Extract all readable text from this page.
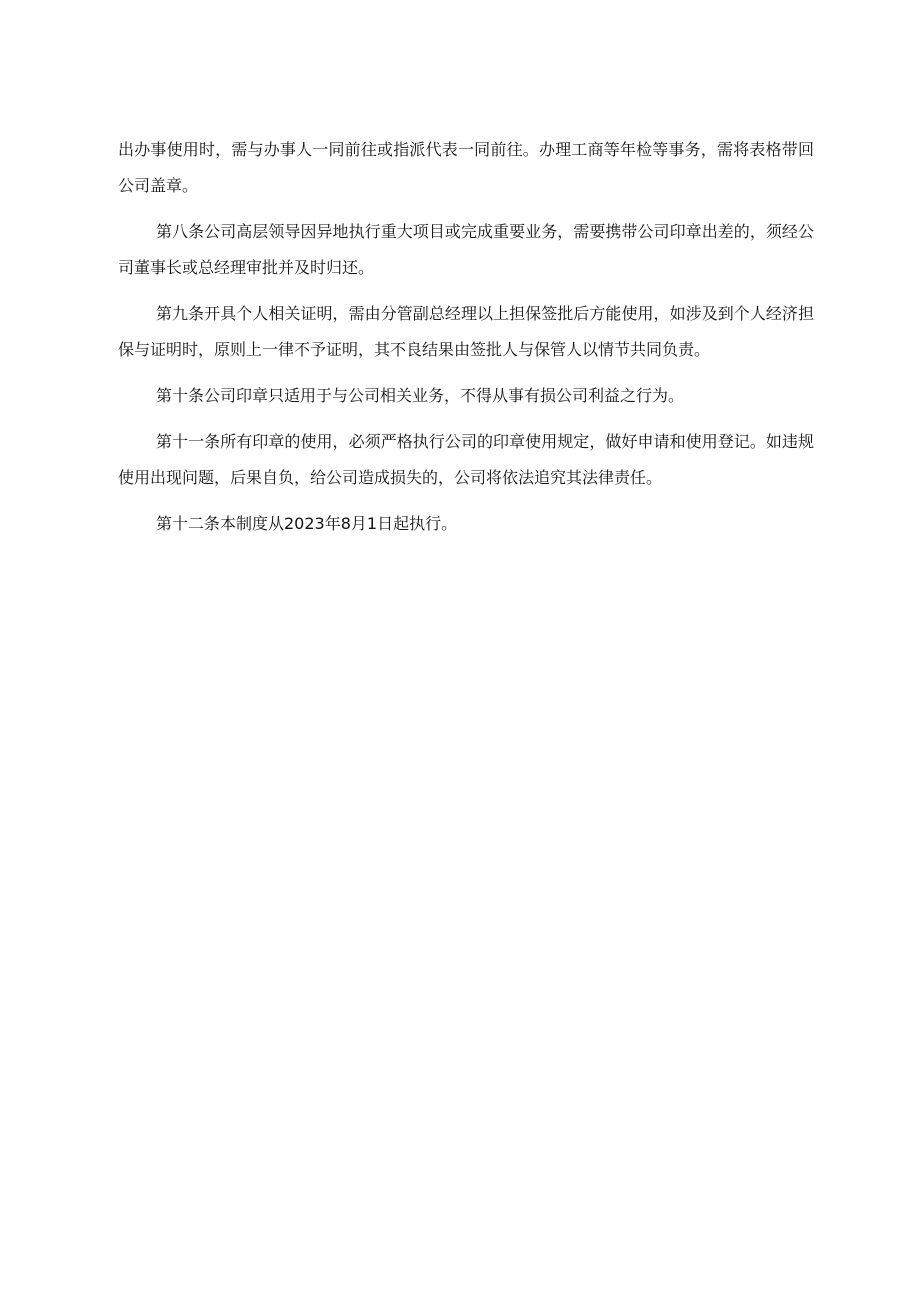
出办事使用时，需与办事人一同前往或指派代表一同前往。办理工商等年检等事务，需将表格带回公司盖章。

第八条公司高层领导因异地执行重大项目或完成重要业务，需要携带公司印章出差的，须经公司董事长或总经理审批并及时归还。

第九条开具个人相关证明，需由分管副总经理以上担保签批后方能使用，如涉及到个人经济担保与证明时，原则上一律不予证明，其不良结果由签批人与保管人以情节共同负责。

第十条公司印章只适用于与公司相关业务，不得从事有损公司利益之行为。

第十一条所有印章的使用，必须严格执行公司的印章使用规定，做好申请和使用登记。如违规使用出现问题，后果自负，给公司造成损失的，公司将依法追究其法律责任。

第十二条本制度从2023年8月1日起执行。
